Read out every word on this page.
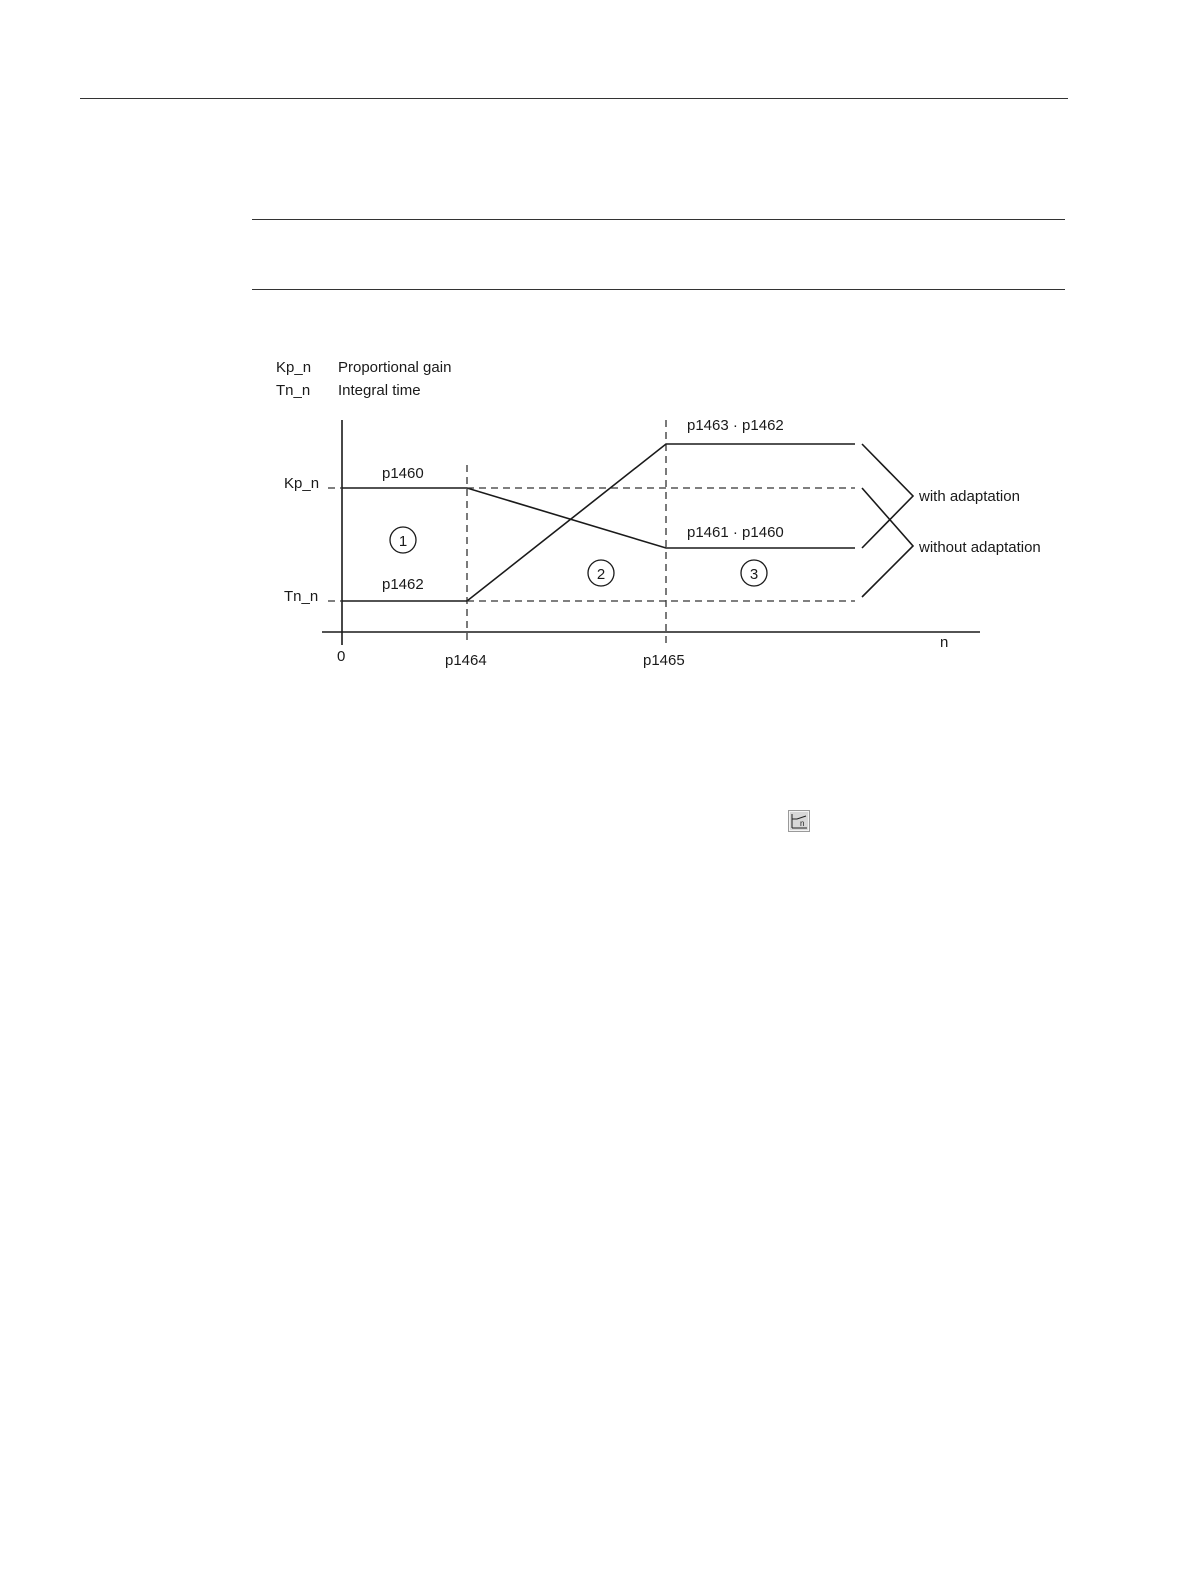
Kp_n Proportional gain
Tn_n Integral time
Kp_n
Tn_n
0	p1464	p1465
n
p1460
p1462
p1463 · p1462
p1461 · p1460
1
2	3
with adaptation
without adaptation
n
